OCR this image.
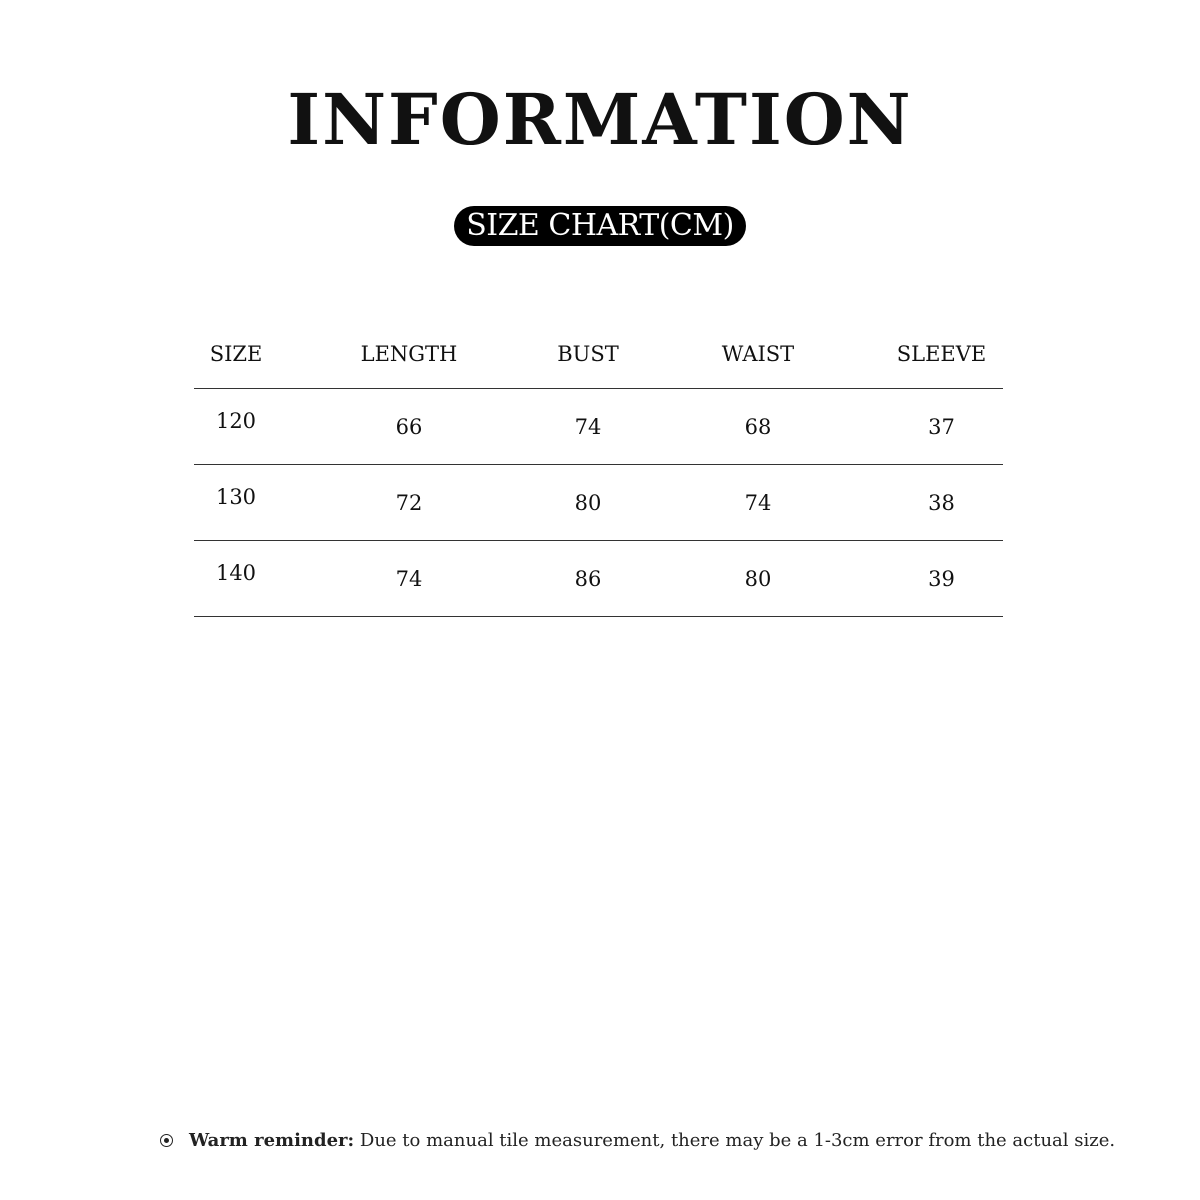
INFORMATION
SIZE CHART(CM)
SIZE	LENGTH	BUST	WAIST	SLEEVE
120	66	74	68	37
130	72	80	74	38
140	74	86	80	39
Warm reminder: Due to manual tile measurement, there may be a 1-3cm error from the actual size.
